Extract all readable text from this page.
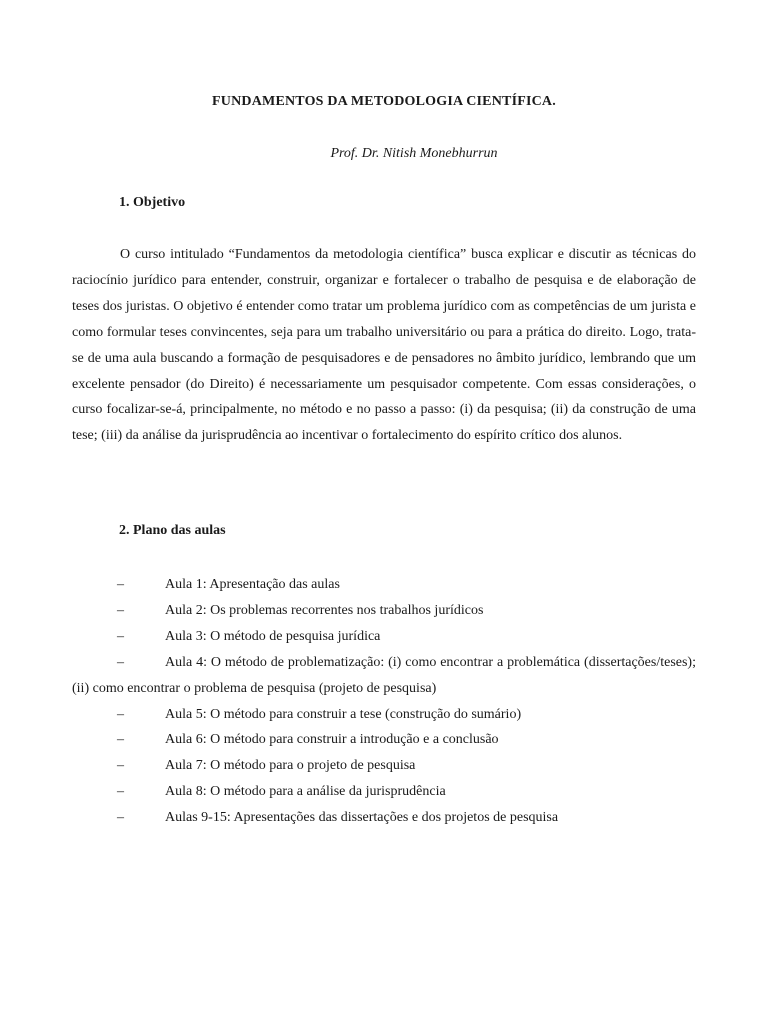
FUNDAMENTOS DA METODOLOGIA CIENTÍFICA.
Prof. Dr. Nitish Monebhurrun
1. Objetivo

O curso intitulado “Fundamentos da metodologia científica” busca explicar e discutir as técnicas do raciocínio jurídico para entender, construir, organizar e fortalecer o trabalho de pesquisa e de elaboração de teses dos juristas. O objetivo é entender como tratar um problema jurídico com as competências de um jurista e como formular teses convincentes, seja para um trabalho universitário ou para a prática do direito. Logo, trata-se de uma aula buscando a formação de pesquisadores e de pensadores no âmbito jurídico, lembrando que um excelente pensador (do Direito) é necessariamente um pesquisador competente. Com essas considerações, o curso focalizar-se-á, principalmente, no método e no passo a passo: (i) da pesquisa; (ii) da construção de uma tese; (iii) da análise da jurisprudência ao incentivar o fortalecimento do espírito crítico dos alunos.

2. Plano das aulas
–	Aula 1: Apresentação das aulas
–	Aula 2: Os problemas recorrentes nos trabalhos jurídicos
–	Aula 3: O método de pesquisa jurídica
–	Aula 4: O método de problematização: (i) como encontrar a problemática (dissertações/teses); (ii) como encontrar o problema de pesquisa (projeto de pesquisa)
–	Aula 5: O método para construir a tese (construção do sumário)
–	Aula 6: O método para construir a introdução e a conclusão
–	Aula 7: O método para o projeto de pesquisa
–	Aula 8: O método para a análise da jurisprudência
–	Aulas 9-15: Apresentações das dissertações e dos projetos de pesquisa
